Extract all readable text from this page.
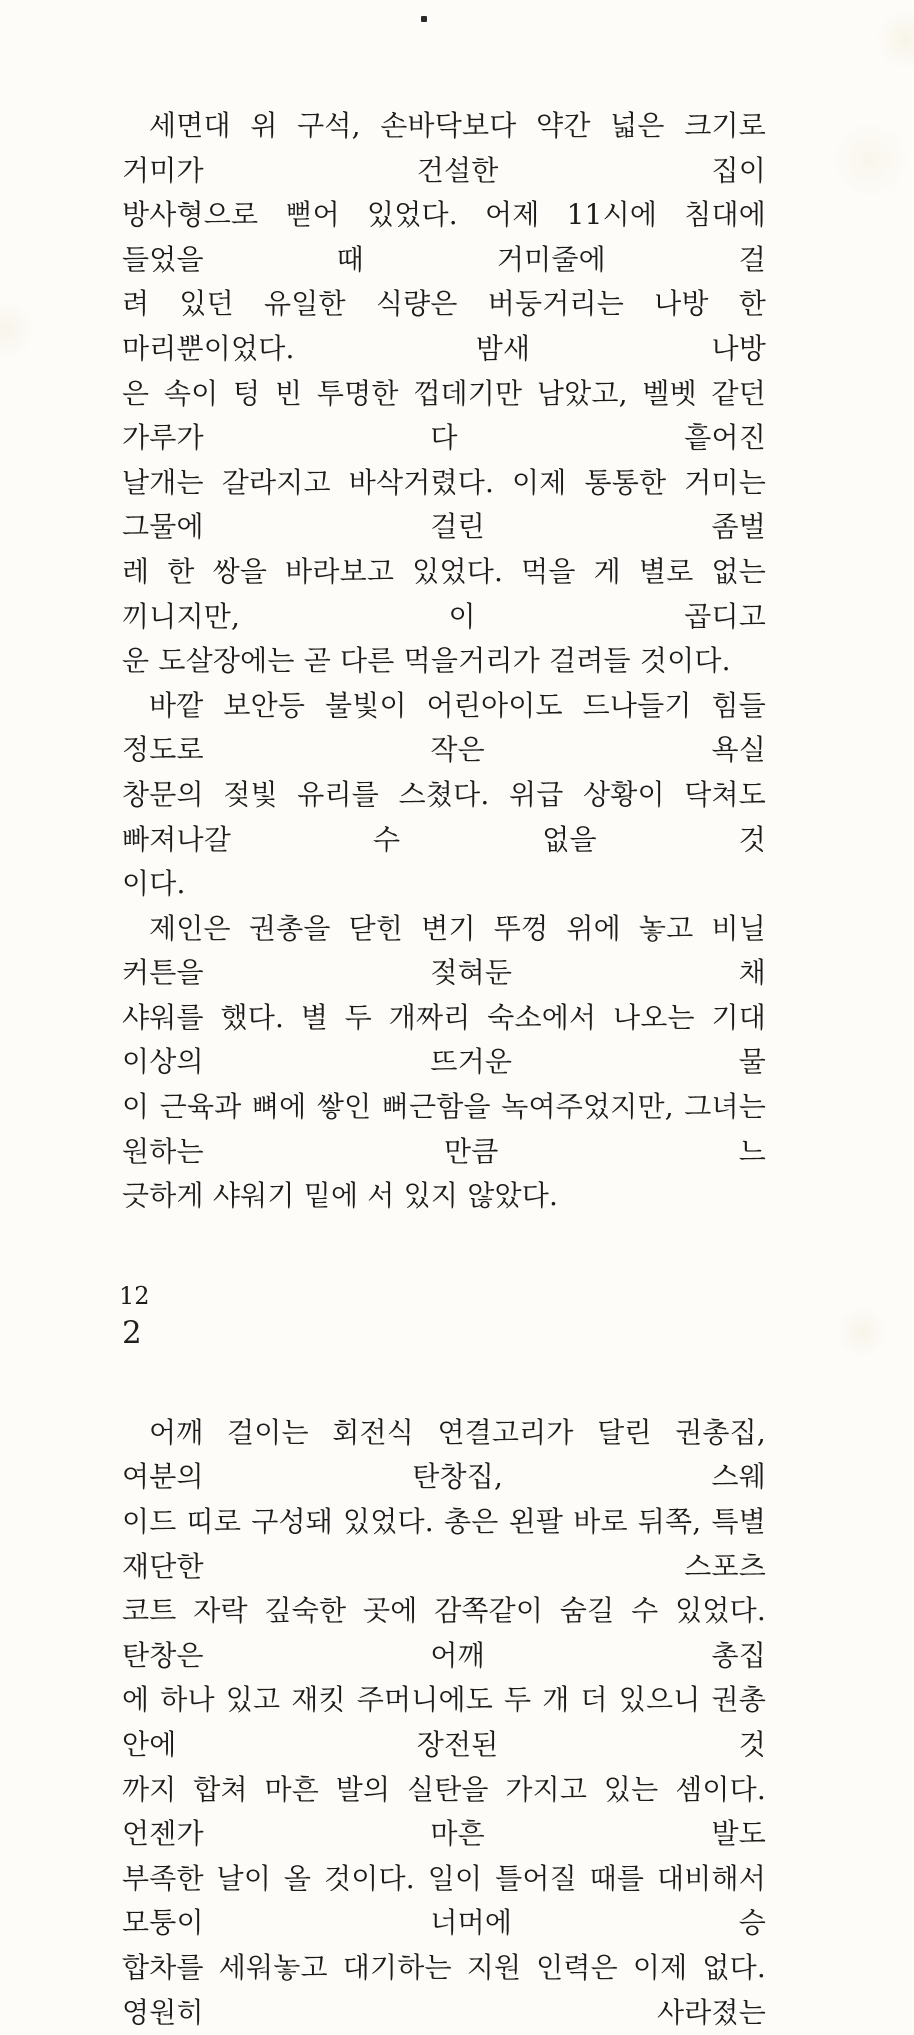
세면대 위 구석, 손바닥보다 약간 넓은 크기로 거미가 건설한 집이
방사형으로 뻗어 있었다. 어제 11시에 침대에 들었을 때 거미줄에 걸
려 있던 유일한 식량은 버둥거리는 나방 한 마리뿐이었다. 밤새 나방
은 속이 텅 빈 투명한 껍데기만 남았고, 벨벳 같던 가루가 다 흩어진
날개는 갈라지고 바삭거렸다. 이제 통통한 거미는 그물에 걸린 좀벌
레 한 쌍을 바라보고 있었다. 먹을 게 별로 없는 끼니지만, 이 곱디고
운 도살장에는 곧 다른 먹을거리가 걸려들 것이다.
바깥 보안등 불빛이 어린아이도 드나들기 힘들 정도로 작은 욕실
창문의 젖빛 유리를 스쳤다. 위급 상황이 닥쳐도 빠져나갈 수 없을 것
이다.
제인은 권총을 닫힌 변기 뚜껑 위에 놓고 비닐 커튼을 젖혀둔 채
샤워를 했다. 별 두 개짜리 숙소에서 나오는 기대 이상의 뜨거운 물
이 근육과 뼈에 쌓인 뻐근함을 녹여주었지만, 그녀는 원하는 만큼 느
긋하게 샤워기 밑에 서 있지 않았다.
2
어깨 걸이는 회전식 연결고리가 달린 권총집, 여분의 탄창집, 스웨
이드 띠로 구성돼 있었다. 총은 왼팔 바로 뒤쪽, 특별 재단한 스포츠
코트 자락 깊숙한 곳에 감쪽같이 숨길 수 있었다. 탄창은 어깨 총집
에 하나 있고 재킷 주머니에도 두 개 더 있으니 권총 안에 장전된 것
까지 합쳐 마흔 발의 실탄을 가지고 있는 셈이다. 언젠가 마흔 발도
부족한 날이 올 것이다. 일이 틀어질 때를 대비해서 모퉁이 너머에 승
합차를 세워놓고 대기하는 지원 인력은 이제 없다. 영원히 사라졌는
12
